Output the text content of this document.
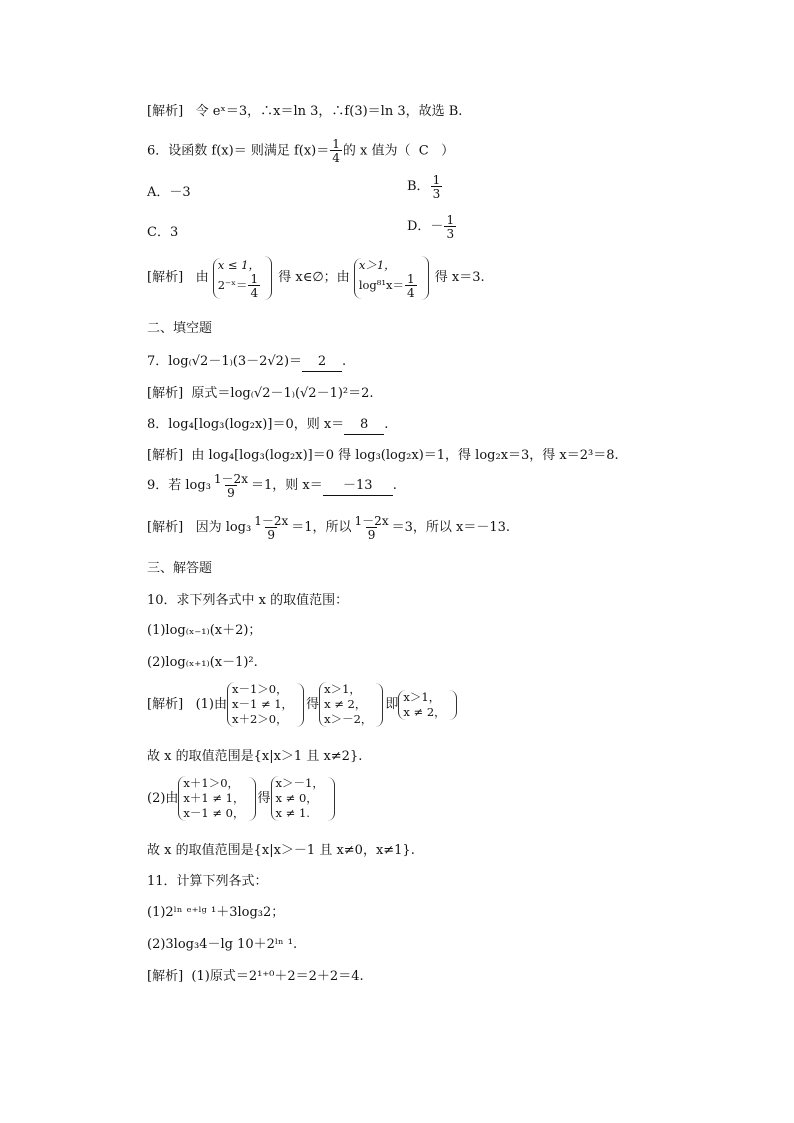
[解析] 令 eˣ＝3，∴x＝ln 3，∴f(3)＝ln 3，故选 B.
6．设函数 f(x)＝ 则满足 $f(x)= \frac{1}{4}$ 的 x 值为（ C ）
A．－3	B． $\frac{1}{3}$
C．3	D．－ $\frac{1}{3}$
[解析] 由
x ≤ 1，
2⁻ˣ＝ $\frac{1}{4}$ 得 x∈∅；由
x＞1，
$\log^{81}x= \frac{1}{4}$ 得 x＝3.
二、填空题
7．log₍√2－1₎(3－2√2)＝ 2 .
[解析] 原式＝log₍√2－1₎(√2－1)²＝2.
8．log₄[log₃(log₂x)]＝0，则 x＝ 8 .
[解析] 由 log₄[log₃(log₂x)]＝0 得 log₃(log₂x)＝1，得 log₂x＝3，得 x＝2³＝8.
9．若 $\log_3 \frac{1-2x}{9} =1$，则 x＝ －13 .
[解析] 因为 $\log_3 \frac{1-2x}{9} =1$，所以 $\frac{1-2x}{9} =3$，所以 x＝－13.
三、解答题
10．求下列各式中 x 的取值范围：
(1)log₍ₓ₋₁₎(x＋2)；
(2)log₍ₓ₊₁₎(x－1)².
[解析] (1)由
x－1＞0，
x－1 ≠ 1，
x＋2＞0，
得
x＞1，
x ≠ 2，
x＞－2，
即 x＞1，
x ≠ 2，
故 x 的取值范围是{x|x＞1 且 x≠2}.
(2)由
x＋1＞0，
x＋1 ≠ 1，
x－1 ≠ 0，
得
x＞－1，
x ≠ 0，
x ≠ 1.
故 x 的取值范围是{x|x＞－1 且 x≠0，x≠1}.
11．计算下列各式：
(1)2ˡⁿ ᵉ⁺ˡᵍ ¹＋3log₃2；
(2)3log₃4－lg 10＋2ˡⁿ ¹.
[解析] (1)原式＝2¹⁺⁰＋2＝2＋2＝4.
